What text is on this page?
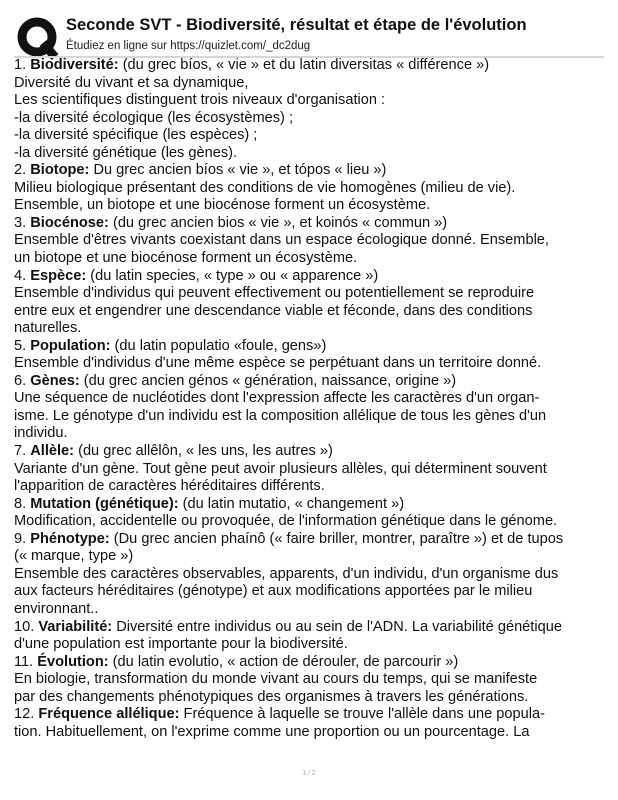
Seconde SVT - Biodiversité, résultat et étape de l'évolution
Étudiez en ligne sur https://quizlet.com/_dc2dug

1. Biodiversité: (du grec bíos, « vie » et du latin diversitas « différence »)

Diversité du vivant et sa dynamique,

Les scientifiques distinguent trois niveaux d'organisation :

-la diversité écologique (les écosystèmes) ;

-la diversité spécifique (les espèces) ;

-la diversité génétique (les gènes).

2. Biotope: Du grec ancien bíos « vie », et tópos « lieu »)

Milieu biologique présentant des conditions de vie homogènes (milieu de vie).

Ensemble, un biotope et une biocénose forment un écosystème.

3. Biocénose: (du grec ancien bios « vie », et koinós « commun »)

Ensemble d'êtres vivants coexistant dans un espace écologique donné. Ensemble,

un biotope et une biocénose forment un écosystème.

4. Espèce: (du latin species, « type » ou « apparence »)

Ensemble d'individus qui peuvent effectivement ou potentiellement se reproduire

entre eux et engendrer une descendance viable et féconde, dans des conditions

naturelles.

5. Population: (du latin populatio «foule, gens»)

Ensemble d'individus d'une même espèce se perpétuant dans un territoire donné.

6. Gènes: (du grec ancien génos « génération, naissance, origine »)

Une séquence de nucléotides dont l'expression affecte les caractères d'un organ-

isme. Le génotype d'un individu est la composition allélique de tous les gènes d'un

individu.

7. Allèle: (du grec allêlôn, « les uns, les autres »)

Variante d'un gène. Tout gène peut avoir plusieurs allèles, qui déterminent souvent

l'apparition de caractères héréditaires différents.

8. Mutation (génétique): (du latin mutatio, « changement »)

Modification, accidentelle ou provoquée, de l'information génétique dans le génome.

9. Phénotype: (Du grec ancien phaínô (« faire briller, montrer, paraître ») et de tupos

(« marque, type »)

Ensemble des caractères observables, apparents, d'un individu, d'un organisme dus

aux facteurs héréditaires (génotype) et aux modifications apportées par le milieu

environnant..

10. Variabilité: Diversité entre individus ou au sein de l'ADN. La variabilité génétique

d'une population est importante pour la biodiversité.

11. Évolution: (du latin evolutio, « action de dérouler, de parcourir »)

En biologie, transformation du monde vivant au cours du temps, qui se manifeste

par des changements phénotypiques des organismes à travers les générations.

12. Fréquence allélique: Fréquence à laquelle se trouve l'allèle dans une popula-

tion. Habituellement, on l'exprime comme une proportion ou un pourcentage. La

1 / 2
